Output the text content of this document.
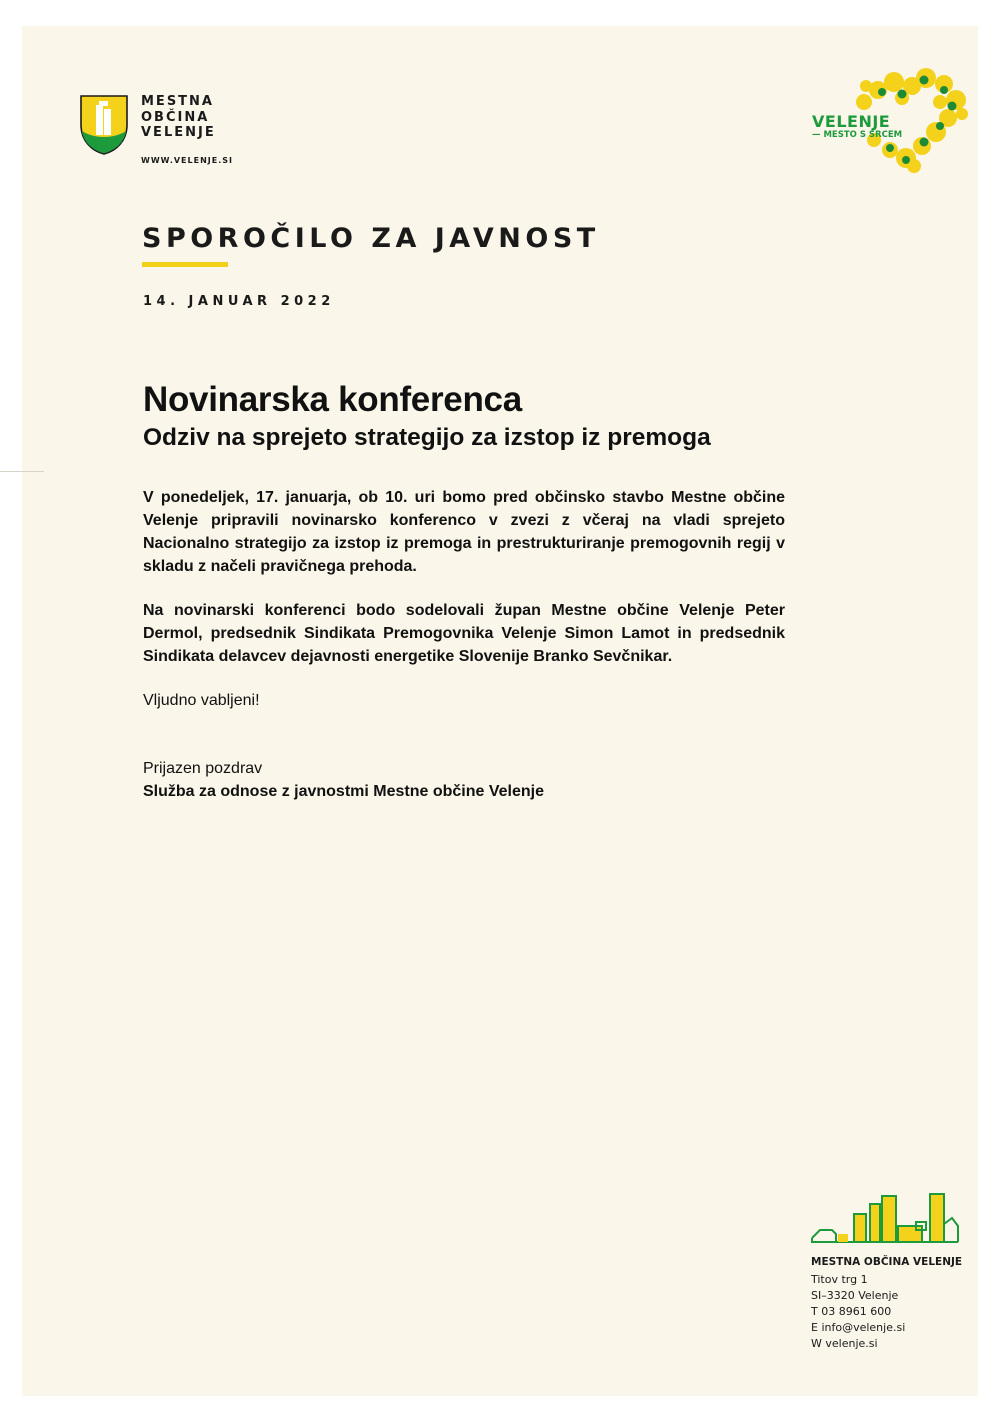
MESTNA
OBČINA
VELENJE
WWW.VELENJE.SI
VELENJE
— MESTO S SRCEM
SPOROČILO ZA JAVNOST
14. JANUAR 2022
Novinarska konferenca
Odziv na sprejeto strategijo za izstop iz premoga
V ponedeljek, 17. januarja, ob 10. uri bomo pred občinsko stavbo Mestne občine Velenje pripravili novinarsko konferenco v zvezi z včeraj na vladi sprejeto Nacionalno strategijo za izstop iz premoga in prestrukturiranje premogovnih regij v skladu z načeli pravičnega prehoda.
Na novinarski konferenci bodo sodelovali župan Mestne občine Velenje Peter Dermol, predsednik Sindikata Premogovnika Velenje Simon Lamot in predsednik Sindikata delavcev dejavnosti energetike Slovenije Branko Sevčnikar.
Vljudno vabljeni!
Prijazen pozdrav
Služba za odnose z javnostmi Mestne občine Velenje
MESTNA OBČINA VELENJE
Titov trg 1
SI–3320 Velenje
T 03 8961 600
E info@velenje.si
W velenje.si
